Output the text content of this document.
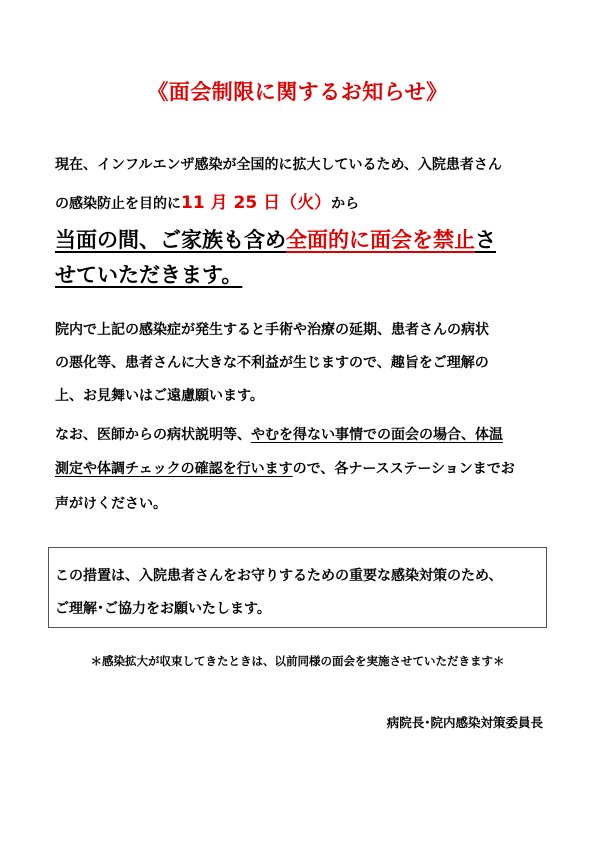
《面会制限に関するお知らせ》
現在、インフルエンザ感染が全国的に拡大しているため、入院患者さん
の感染防止を目的に11 月 25 日（火）から
当面の間、ご家族も含め全面的に面会を禁止さ
せていただきます。
院内で上記の感染症が発生すると手術や治療の延期、患者さんの病状
の悪化等、患者さんに大きな不利益が生じますので、趣旨をご理解の
上、お見舞いはご遠慮願います。
なお、医師からの病状説明等、やむを得ない事情での面会の場合、体温
測定や体調チェックの確認を行いますので、各ナースステーションまでお
声がけください。
この措置は、入院患者さんをお守りするための重要な感染対策のため、
ご理解･ご協力をお願いたします。
＊感染拡大が収束してきたときは、以前同様の面会を実施させていただきます＊
病院長･院内感染対策委員長
